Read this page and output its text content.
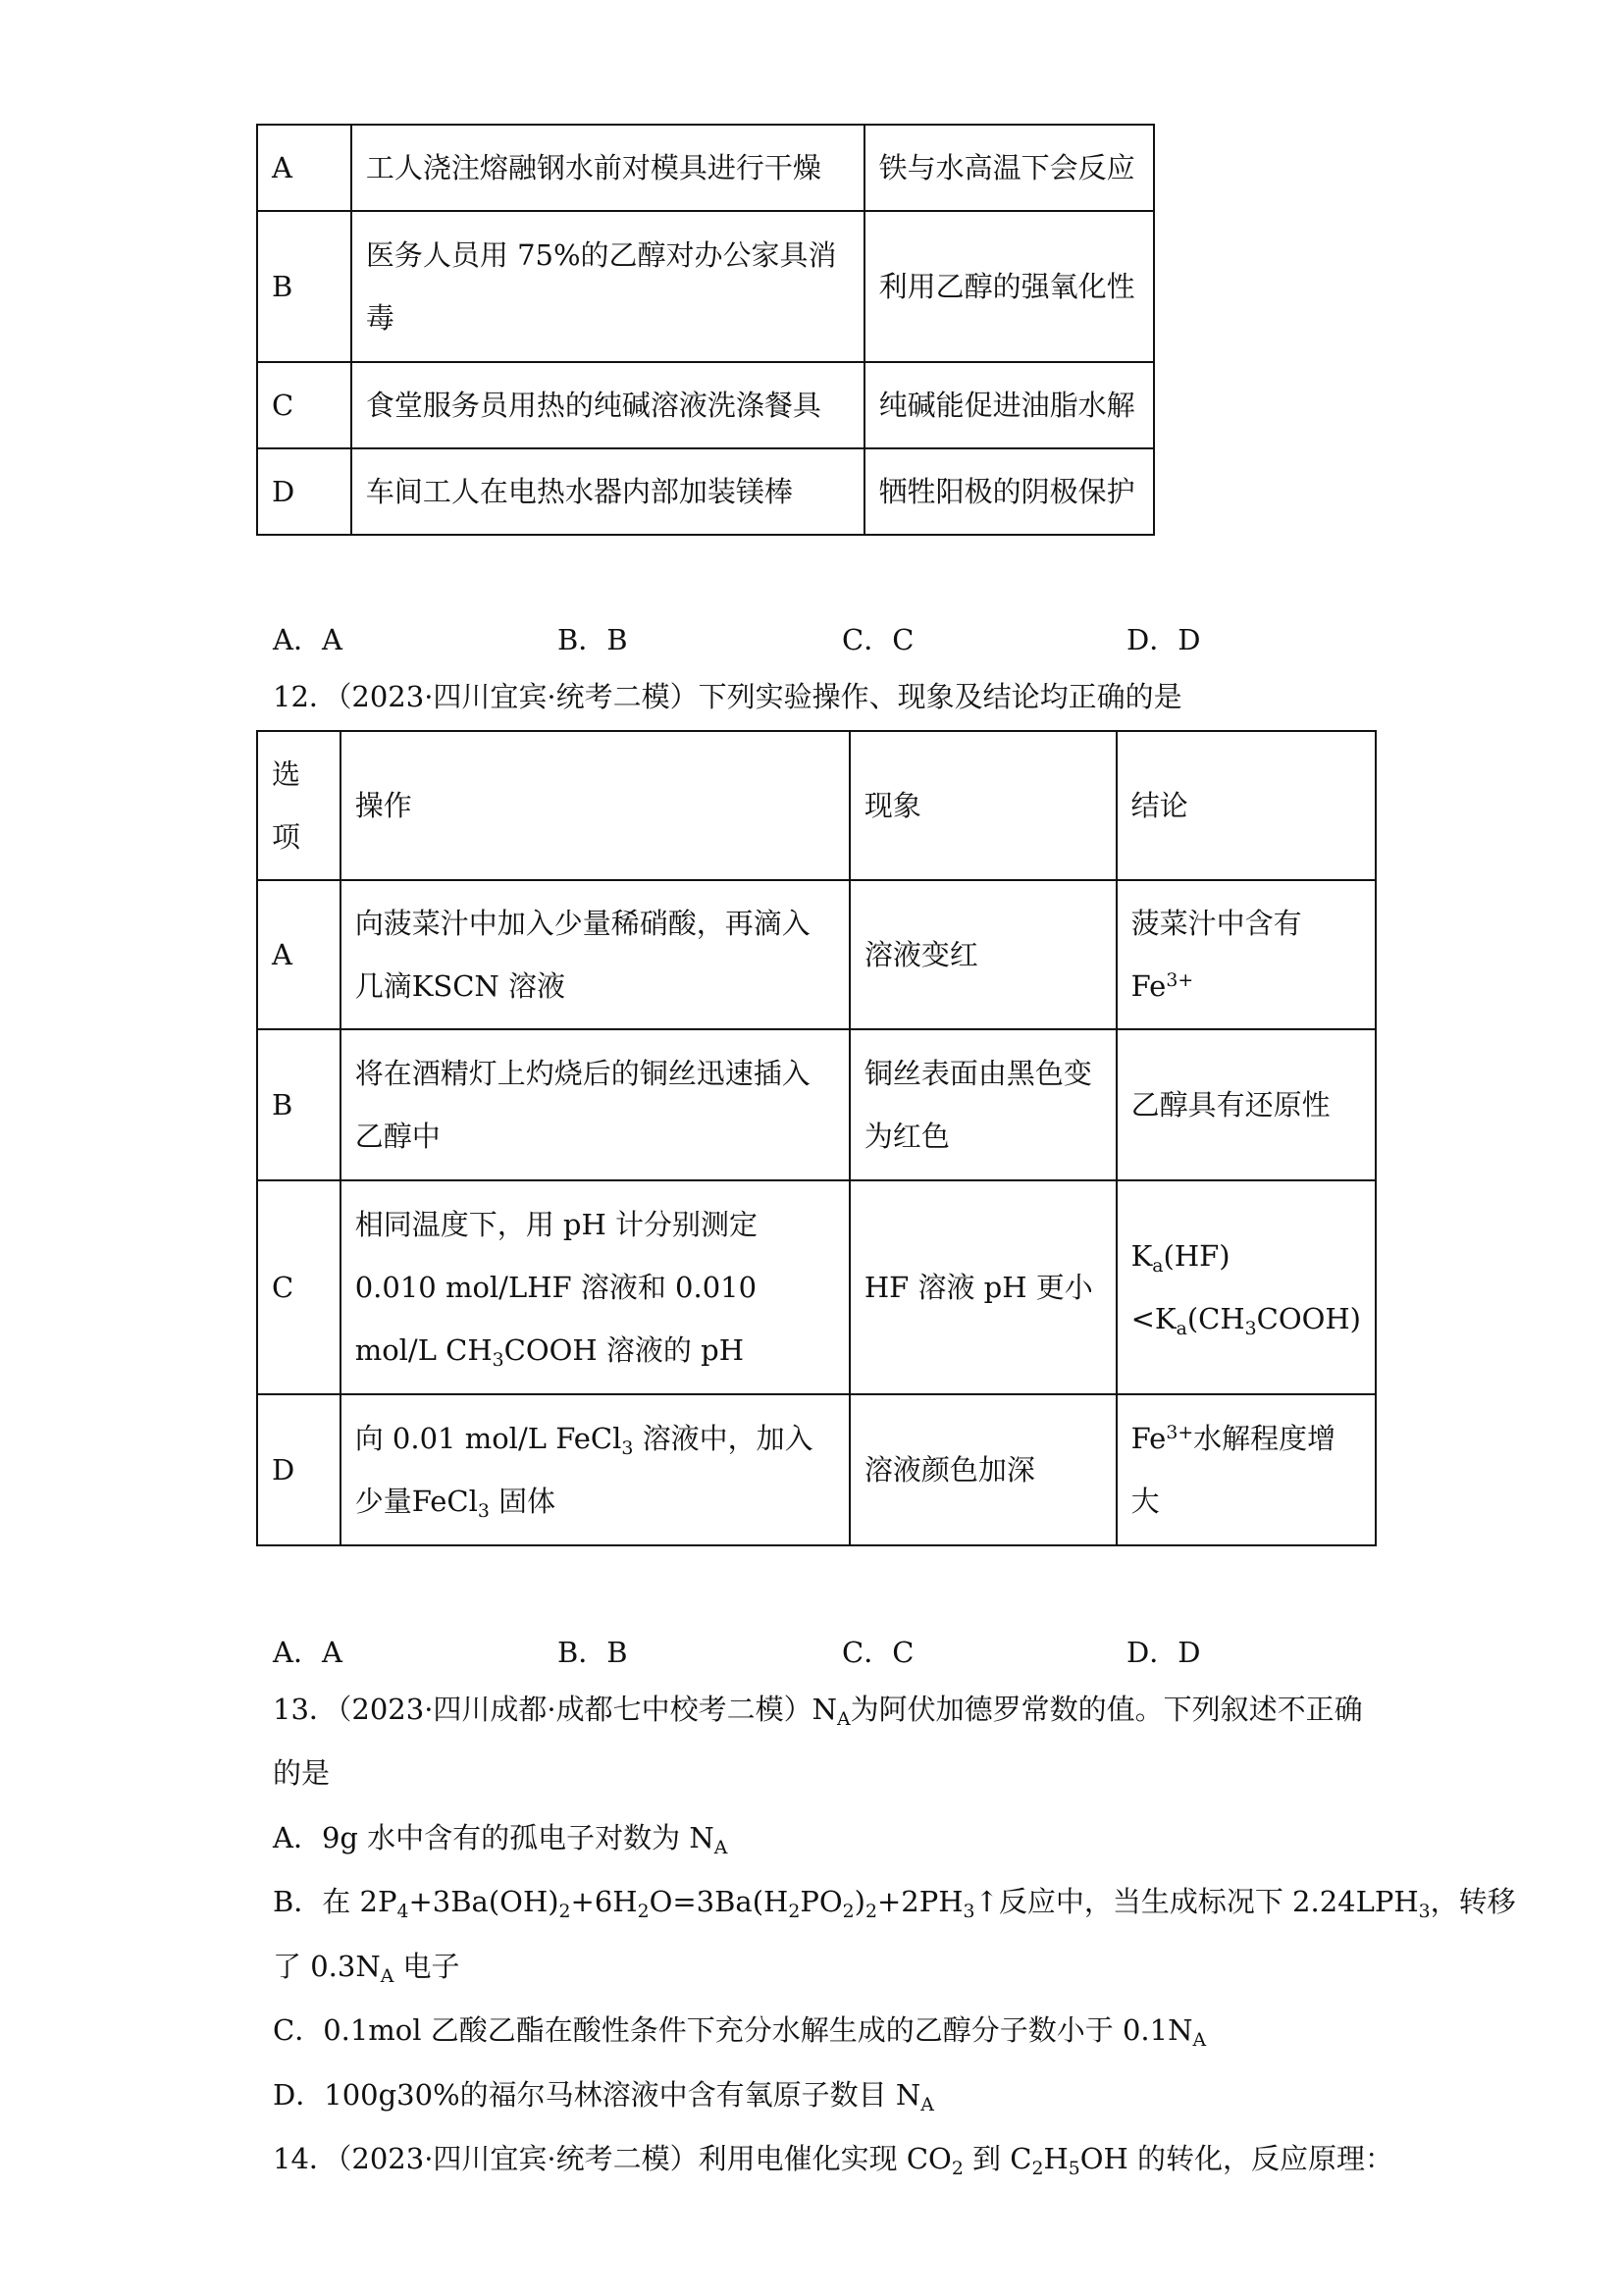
A	工人浇注熔融钢水前对模具进行干燥	铁与水高温下会反应
B	医务人员用 75%的乙醇对办公家具消毒	利用乙醇的强氧化性
C	食堂服务员用热的纯碱溶液洗涤餐具	纯碱能促进油脂水解
D	车间工人在电热水器内部加装镁棒	牺牲阳极的阴极保护
A．A	B．B	C．C	D．D
12．（2023·四川宜宾·统考二模）下列实验操作、现象及结论均正确的是
选项	操作	现象	结论
A	向菠菜汁中加入少量稀硝酸，再滴入几滴KSCN 溶液	溶液变红	菠菜汁中含有 $Fe^{3+}$
B	将在酒精灯上灼烧后的铜丝迅速插入乙醇中	铜丝表面由黑色变为红色	乙醇具有还原性
C	相同温度下，用 pH 计分别测定 0.010 mol/LHF 溶液和 0.010 mol/L $CH_3COOH$ 溶液的 pH	HF 溶液 pH 更小	$K_a(HF)<K_a(CH_3COOH)$
D	向 0.01 mol/L FeCl$_3$ 溶液中，加入少量FeCl$_3$ 固体	溶液颜色加深	$Fe^{3+}$水解程度增大
A．A	B．B	C．C	D．D
13．（2023·四川成都·成都七中校考二模）$N_A$为阿伏加德罗常数的值。下列叙述不正确
的是
A．9g 水中含有的孤电子对数为 $N_A$
B．在 $2P_4+3Ba(OH)_2+6H_2O=3Ba(H_2PO_2)_2+2PH_3↑$反应中，当生成标况下 $2.24LPH_3$，转移
了 $0.3N_A$ 电子
C．0.1mol 乙酸乙酯在酸性条件下充分水解生成的乙醇分子数小于 $0.1N_A$
D．100g30%的福尔马林溶液中含有氧原子数目 $N_A$
14．（2023·四川宜宾·统考二模）利用电催化实现 $CO_2$ 到 $C_2H_5OH$ 的转化，反应原理：
